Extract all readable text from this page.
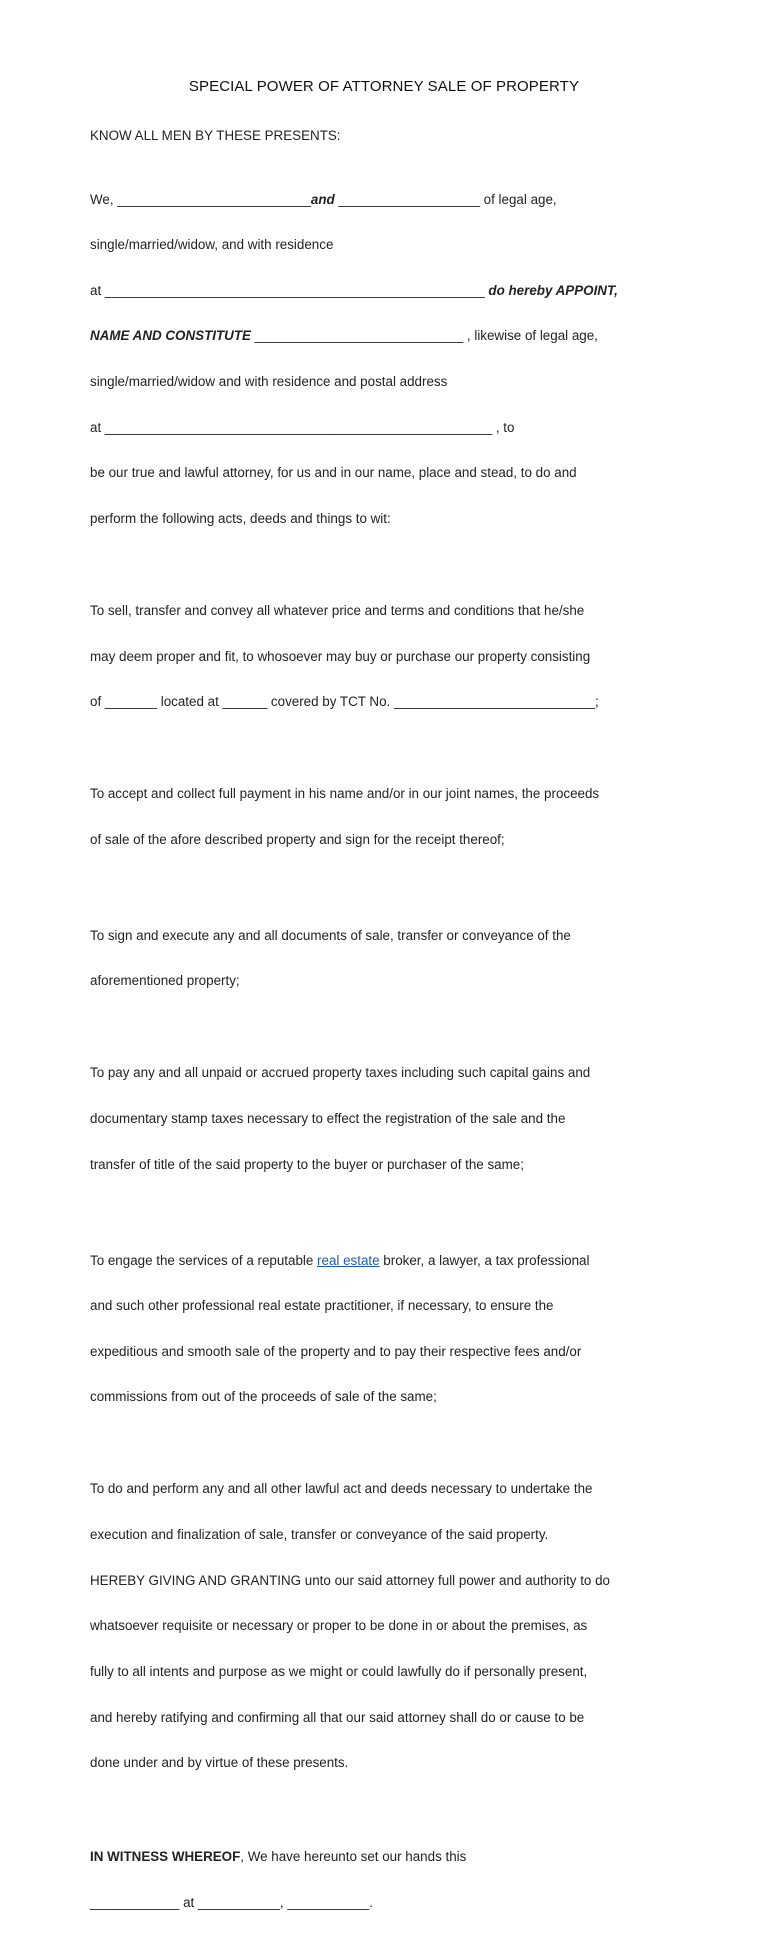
SPECIAL POWER OF ATTORNEY SALE OF PROPERTY
KNOW ALL MEN BY THESE PRESENTS:

We, __________________________and ___________________ of legal age,

single/married/widow, and with residence

at ___________________________________________________ do hereby APPOINT,

NAME AND CONSTITUTE ____________________________ , likewise of legal age,

single/married/widow and with residence and postal address

at ____________________________________________________ , to

be our true and lawful attorney, for us and in our name, place and stead, to do and

perform the following acts, deeds and things to wit:

To sell, transfer and convey all whatever price and terms and conditions that he/she

may deem proper and fit, to whosoever may buy or purchase our property consisting

of _______ located at ______ covered by TCT No. ___________________________;

To accept and collect full payment in his name and/or in our joint names, the proceeds

of sale of the afore described property and sign for the receipt thereof;

To sign and execute any and all documents of sale, transfer or conveyance of the

aforementioned property;

To pay any and all unpaid or accrued property taxes including such capital gains and

documentary stamp taxes necessary to effect the registration of the sale and the

transfer of title of the said property to the buyer or purchaser of the same;

To engage the services of a reputable real estate broker, a lawyer, a tax professional

and such other professional real estate practitioner, if necessary, to ensure the

expeditious and smooth sale of the property and to pay their respective fees and/or

commissions from out of the proceeds of sale of the same;

To do and perform any and all other lawful act and deeds necessary to undertake the

execution and finalization of sale, transfer or conveyance of the said property.

HEREBY GIVING AND GRANTING unto our said attorney full power and authority to do

whatsoever requisite or necessary or proper to be done in or about the premises, as

fully to all intents and purpose as we might or could lawfully do if personally present,

and hereby ratifying and confirming all that our said attorney shall do or cause to be

done under and by virtue of these presents.

IN WITNESS WHEREOF, We have hereunto set our hands this

____________ at ___________, ___________.
